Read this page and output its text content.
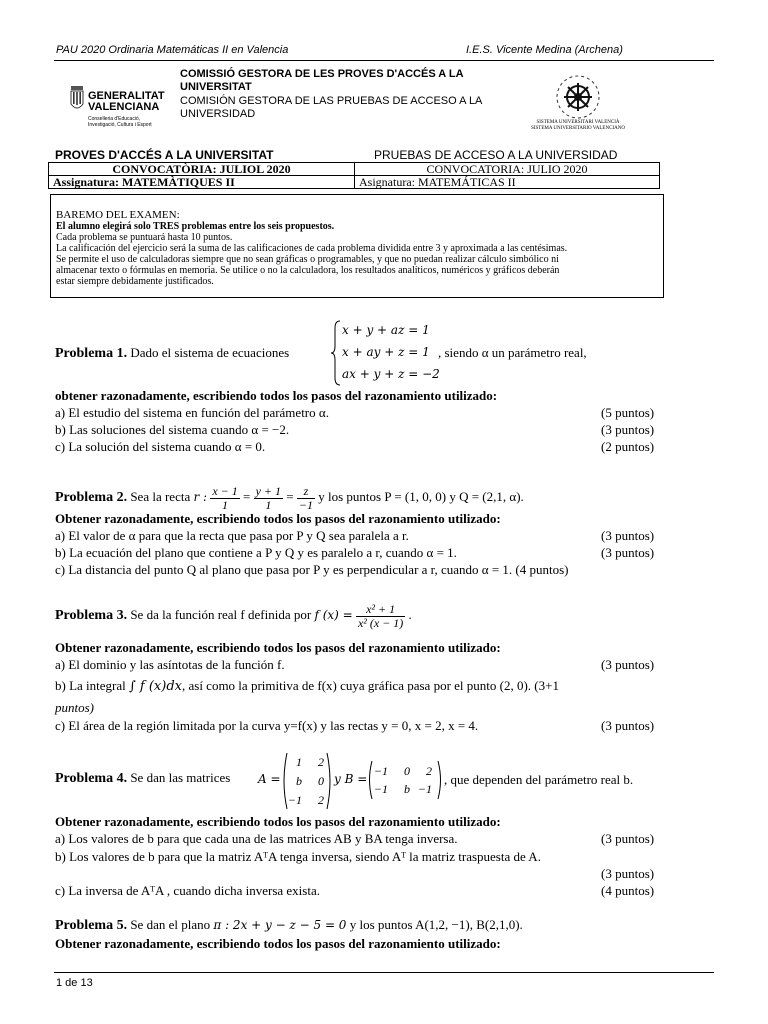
PAU 2020 Ordinaria Matemáticas II en Valencia	I.E.S. Vicente Medina (Archena)
GENERALITAT
VALENCIANA
Conselleria d'Educació,
Investigació, Cultura i Esport
COMISSIÓ GESTORA DE LES PROVES D'ACCÉS A LA
UNIVERSITAT
COMISIÓN GESTORA DE LAS PRUEBAS DE ACCESO A LA
UNIVERSIDAD
SISTEMA UNIVERSITARI VALENCIÀ
SISTEMA UNIVERSITARIO VALENCIANO
PROVES D'ACCÉS A LA UNIVERSITAT	PRUEBAS DE ACCESO A LA UNIVERSIDAD
CONVOCATÒRIA: JULIOL 2020	CONVOCATORIA: JULIO 2020
Assignatura: MATEMÀTIQUES II	Asignatura: MATEMÁTICAS II
BAREMO DEL EXAMEN:
El alumno elegirá solo TRES problemas entre los seis propuestos.
Cada problema se puntuará hasta 10 puntos.
La calificación del ejercicio será la suma de las calificaciones de cada problema dividida entre 3 y aproximada a las centésimas.
Se permite el uso de calculadoras siempre que no sean gráficas o programables, y que no puedan realizar cálculo simbólico ni
almacenar texto o fórmulas en memoria. Se utilice o no la calculadora, los resultados analíticos, numéricos y gráficos deberán
estar siempre debidamente justificados.
Problema 1. Dado el sistema de ecuaciones
x + y + az = 1
x + ay + z = 1
ax + y + z = −2
, siendo α un parámetro real,
obtener razonadamente, escribiendo todos los pasos del razonamiento utilizado:
a) El estudio del sistema en función del parámetro α.	(5 puntos)
b) Las soluciones del sistema cuando α = −2.	(3 puntos)
c) La solución del sistema cuando α = 0.	(2 puntos)
Problema 2. Sea la recta r : $\frac{x - 1}{1} = \frac{y + 1}{1} = \frac{z}{-1}$ y los puntos P = (1, 0, 0) y Q = (2,1, α).
Obtener razonadamente, escribiendo todos los pasos del razonamiento utilizado:
a) El valor de α para que la recta que pasa por P y Q sea paralela a r.	(3 puntos)
b) La ecuación del plano que contiene a P y Q y es paralelo a r, cuando α = 1.	(3 puntos)
c) La distancia del punto Q al plano que pasa por P y es perpendicular a r, cuando α = 1. (4 puntos)
Problema 3. Se da la función real f definida por f $(x) = \frac{\text{x² + 1}}{\text{x² (x − 1)}}$ .
Obtener razonadamente, escribiendo todos los pasos del razonamiento utilizado:
a) El dominio y las asíntotas de la función f.	(3 puntos)
b) La integral ∫ f (x)dx, así como la primitiva de f(x) cuya gráfica pasa por el punto (2, 0). (3+1
puntos)
c) El área de la región limitada por la curva y=f(x) y las rectas y = 0, x = 2, x = 4.	(3 puntos)
Problema 4. Se dan las matrices A =
1	2
b	0
−1	2
y B =
−1	0	2
−1	b −1
, que dependen del parámetro real b.
Obtener razonadamente, escribiendo todos los pasos del razonamiento utilizado:
a) Los valores de b para que cada una de las matrices AB y BA tenga inversa.	(3 puntos)
b) Los valores de b para que la matriz AᵀA tenga inversa, siendo Aᵀ la matriz traspuesta de A.
(3 puntos)
c) La inversa de AᵀA , cuando dicha inversa exista.	(4 puntos)
Problema 5. Se dan el plano π : 2x + y − z − 5 = 0 y los puntos A(1,2, −1), B(2,1,0).
Obtener razonadamente, escribiendo todos los pasos del razonamiento utilizado:
1 de 13
